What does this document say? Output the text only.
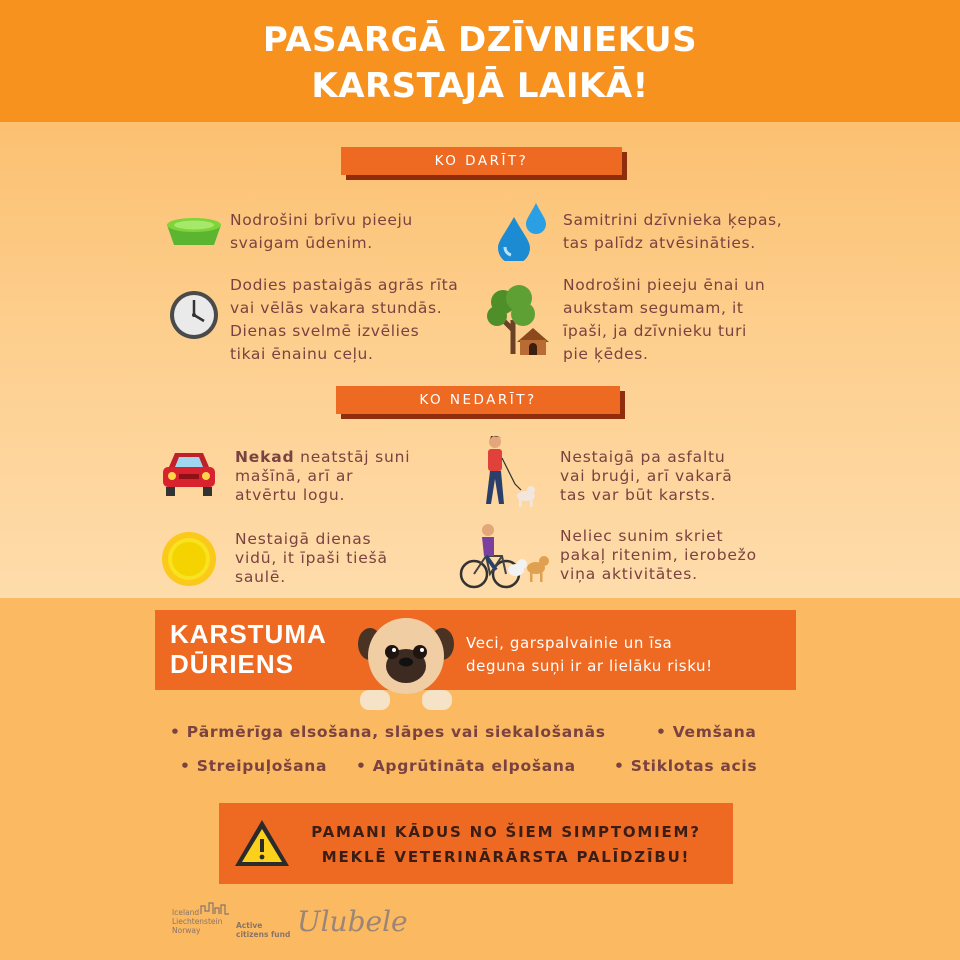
PASARGĀ DZĪVNIEKUS
KARSTAJĀ LAIKĀ!
KO DARĪT?
Nodrošini brīvu pieeju
svaigam ūdenim.
Samitrini dzīvnieka ķepas,
tas palīdz atvēsināties.
Dodies pastaigās agrās rīta
vai vēlās vakara stundās.
Dienas svelmē izvēlies
tikai ēnainu ceļu.
Nodrošini pieeju ēnai un
aukstam segumam, it
īpaši, ja dzīvnieku turi
pie ķēdes.
KO NEDARĪT?
Nekad neatstāj suni
mašīnā, arī ar
atvērtu logu.
Nestaigā pa asfaltu
vai bruģi, arī vakarā
tas var būt karsts.
Nestaigā dienas
vidū, it īpaši tiešā
saulē.
Neliec sunim skriet
pakaļ ritenim, ierobežo
viņa aktivitātes.
KARSTUMA
DŪRIENS
Veci, garspalvainie un īsa
deguna suņi ir ar lielāku risku!
• Pārmērīga elsošana, slāpes vai siekalošanās	• Vemšana
• Streipuļošana • Apgrūtināta elpošana • Stiklotas acis
PAMANI KĀDUS NO ŠIEM SIMPTOMIEM?
MEKLĒ VETERINĀRĀRSTA PALĪDZĪBU!
Iceland
Liechtenstein
Norway
Active
citizens fund Ulubele
